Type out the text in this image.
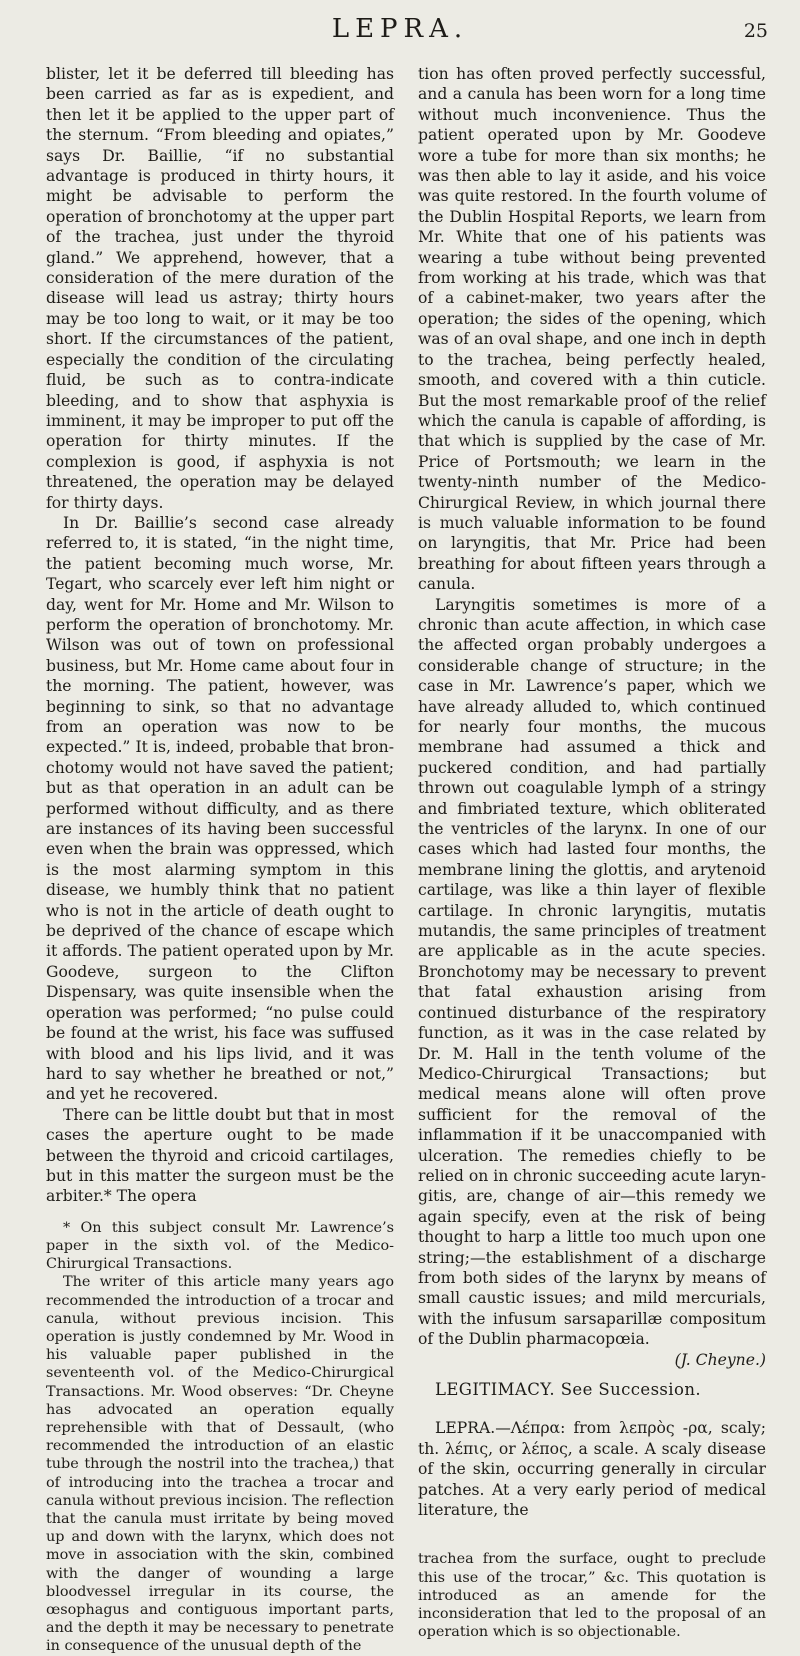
LEPRA.	25

blister, let it be deferred till bleeding has been carried as far as is expedient, and then let it be applied to the upper part of the sternum. “From bleeding and opiates,” says Dr. Baillie, “if no substantial advantage is produced in thirty hours, it might be advisable to perform the operation of bronchotomy at the upper part of the trachea, just under the thyroid gland.” We apprehend, however, that a consideration of the mere duration of the disease will lead us astray; thirty hours may be too long to wait, or it may be too short. If the circumstances of the patient, especially the condition of the circulating fluid, be such as to contra-indicate bleeding, and to show that asphyxia is imminent, it may be improper to put off the operation for thirty minutes. If the complexion is good, if asphyxia is not threatened, the operation may be delayed for thirty days.

In Dr. Baillie’s second case already referred to, it is stated, “in the night time, the patient becoming much worse, Mr. Tegart, who scarcely ever left him night or day, went for Mr. Home and Mr. Wilson to perform the operation of bronchotomy. Mr. Wilson was out of town on professional business, but Mr. Home came about four in the morning. The patient, however, was beginning to sink, so that no advantage from an operation was now to be expected.” It is, indeed, probable that bronchotomy would not have saved the patient; but as that operation in an adult can be performed without difficulty, and as there are instances of its having been successful even when the brain was oppressed, which is the most alarming symptom in this disease, we humbly think that no patient who is not in the article of death ought to be deprived of the chance of escape which it affords. The patient operated upon by Mr. Goodeve, surgeon to the Clifton Dispensary, was quite insensible when the operation was performed; “no pulse could be found at the wrist, his face was suffused with blood and his lips livid, and it was hard to say whether he breathed or not,” and yet he recovered.

There can be little doubt but that in most cases the aperture ought to be made between the thyroid and cricoid cartilages, but in this matter the surgeon must be the arbiter.* The opera

* On this subject consult Mr. Lawrence’s paper in the sixth vol. of the Medico-Chirurgical Transactions.

The writer of this article many years ago recommended the introduction of a trocar and canula, without previous incision. This operation is justly condemned by Mr. Wood in his valuable paper published in the seventeenth vol. of the Medico-Chirurgical Transactions. Mr. Wood observes: “Dr. Cheyne has advocated an operation equally reprehensible with that of Dessault, (who recommended the introduction of an elastic tube through the nostril into the trachea,) that of introducing into the trachea a trocar and canula without previous incision. The reflection that the canula must irritate by being moved up and down with the larynx, which does not move in association with the skin, combined with the danger of wounding a large bloodvessel irregular in its course, the œsophagus and contiguous important parts, and the depth it may be necessary to penetrate in consequence of the unusual depth of the

tion has often proved perfectly successful, and a canula has been worn for a long time without much inconvenience. Thus the patient operated upon by Mr. Goodeve wore a tube for more than six months; he was then able to lay it aside, and his voice was quite restored. In the fourth volume of the Dublin Hospital Reports, we learn from Mr. White that one of his patients was wearing a tube without being prevented from working at his trade, which was that of a cabinet-maker, two years after the operation; the sides of the opening, which was of an oval shape, and one inch in depth to the trachea, being perfectly healed, smooth, and covered with a thin cuticle. But the most remarkable proof of the relief which the canula is capable of affording, is that which is supplied by the case of Mr. Price of Portsmouth; we learn in the twenty-ninth number of the Medico-Chirurgical Review, in which journal there is much valuable information to be found on laryngitis, that Mr. Price had been breathing for about fifteen years through a canula.

Laryngitis sometimes is more of a chronic than acute affection, in which case the affected organ probably undergoes a considerable change of structure; in the case in Mr. Lawrence’s paper, which we have already alluded to, which continued for nearly four months, the mucous membrane had assumed a thick and puckered condition, and had partially thrown out coagulable lymph of a stringy and fimbriated texture, which obliterated the ventricles of the larynx. In one of our cases which had lasted four months, the membrane lining the glottis, and arytenoid cartilage, was like a thin layer of flexible cartilage. In chronic laryngitis, mutatis mutandis, the same principles of treatment are applicable as in the acute species. Bronchotomy may be necessary to prevent that fatal exhaustion arising from continued disturbance of the respiratory function, as it was in the case related by Dr. M. Hall in the tenth volume of the Medico-Chirurgical Transactions; but medical means alone will often prove sufficient for the removal of the inflammation if it be unaccompanied with ulceration. The remedies chiefly to be relied on in chronic succeeding acute laryngitis, are, change of air—this remedy we again specify, even at the risk of being thought to harp a little too much upon one string;—the establishment of a discharge from both sides of the larynx by means of small caustic issues; and mild mercurials, with the infusum sarsaparillæ compositum of the Dublin pharmacopœia.

(J. Cheyne.)

LEGITIMACY. See Succession.

LEPRA.—Λέπρα: from λεπρὸς -ρα, scaly; th. λέπις, or λέπος, a scale. A scaly disease of the skin, occurring generally in circular patches. At a very early period of medical literature, the

trachea from the surface, ought to preclude this use of the trocar,” &c. This quotation is introduced as an amende for the inconsideration that led to the proposal of an operation which is so objectionable.
